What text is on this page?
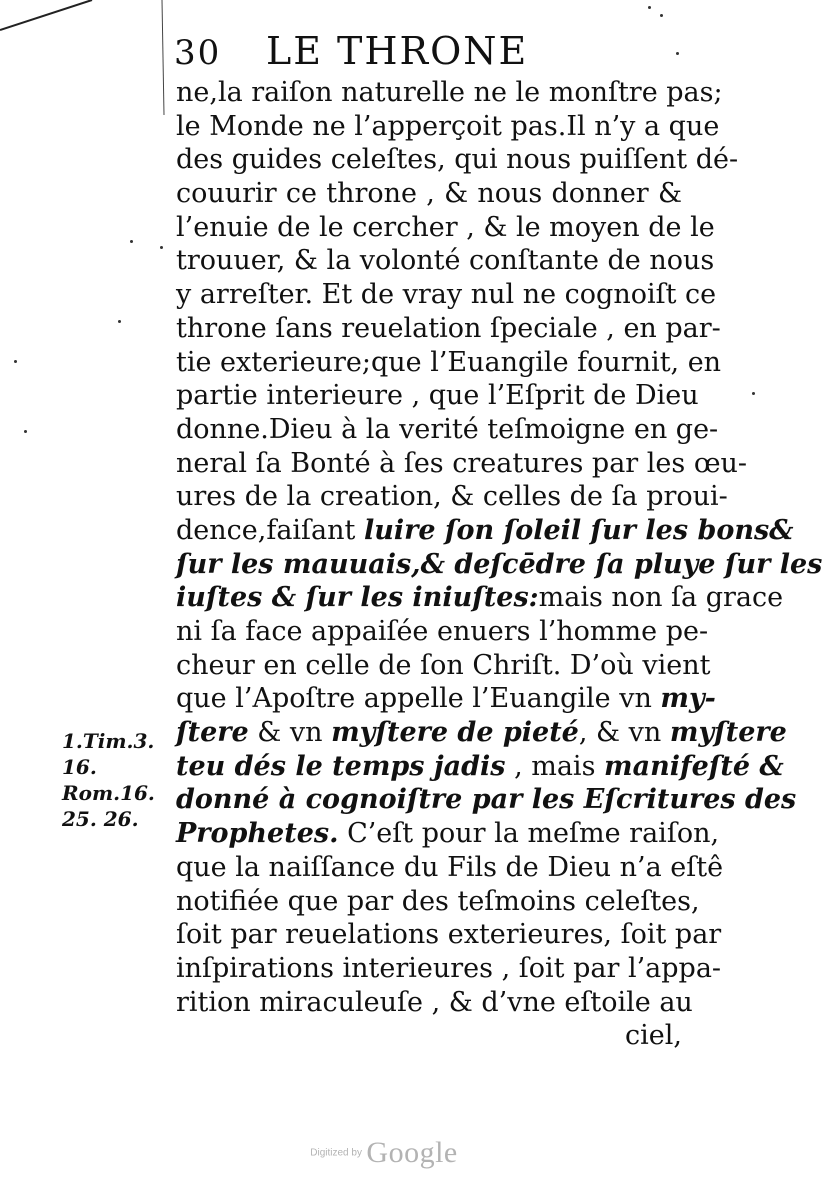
30 LE THRONE
ne,la raiſon naturelle ne le monſtre pas;
le Monde ne l’apperçoit pas.Il n’y a que
des guides celeſtes, qui nous puiſſent dé-
couurir ce throne , & nous donner &
l’enuie de le cercher , & le moyen de le
trouuer, & la volonté conſtante de nous
y arreſter. Et de vray nul ne cognoiſt ce
throne ſans reuelation ſpeciale , en par-
tie exterieure;que l’Euangile fournit, en
partie interieure , que l’Eſprit de Dieu
donne.Dieu à la verité teſmoigne en ge-
neral ſa Bonté à ſes creatures par les œu-
ures de la creation, & celles de ſa proui-
dence,faiſant luire ſon ſoleil ſur les bons&
ſur les mauuais,& deſcēdre ſa pluye ſur les
iuſtes & ſur les iniuſtes:mais non ſa grace
ni ſa face appaiſée enuers l’homme pe-
cheur en celle de ſon Chriſt. D’où vient
que l’Apoſtre appelle l’Euangile vn my-
ſtere & vn myſtere de pieté, & vn myſtere
teu dés le temps jadis , mais manifeſté &
donné à cognoiſtre par les Eſcritures des
Prophetes. C’eſt pour la meſme raiſon,
que la naiſſance du Fils de Dieu n’a eſtê
notifiée que par des teſmoins celeſtes,
ſoit par reuelations exterieures, ſoit par
inſpirations interieures , ſoit par l’appa-
rition miraculeuſe , & d’vne eſtoile au
ciel,
1.Tim.3.
16.
Rom.16.
25. 26.
Digitized by Google
